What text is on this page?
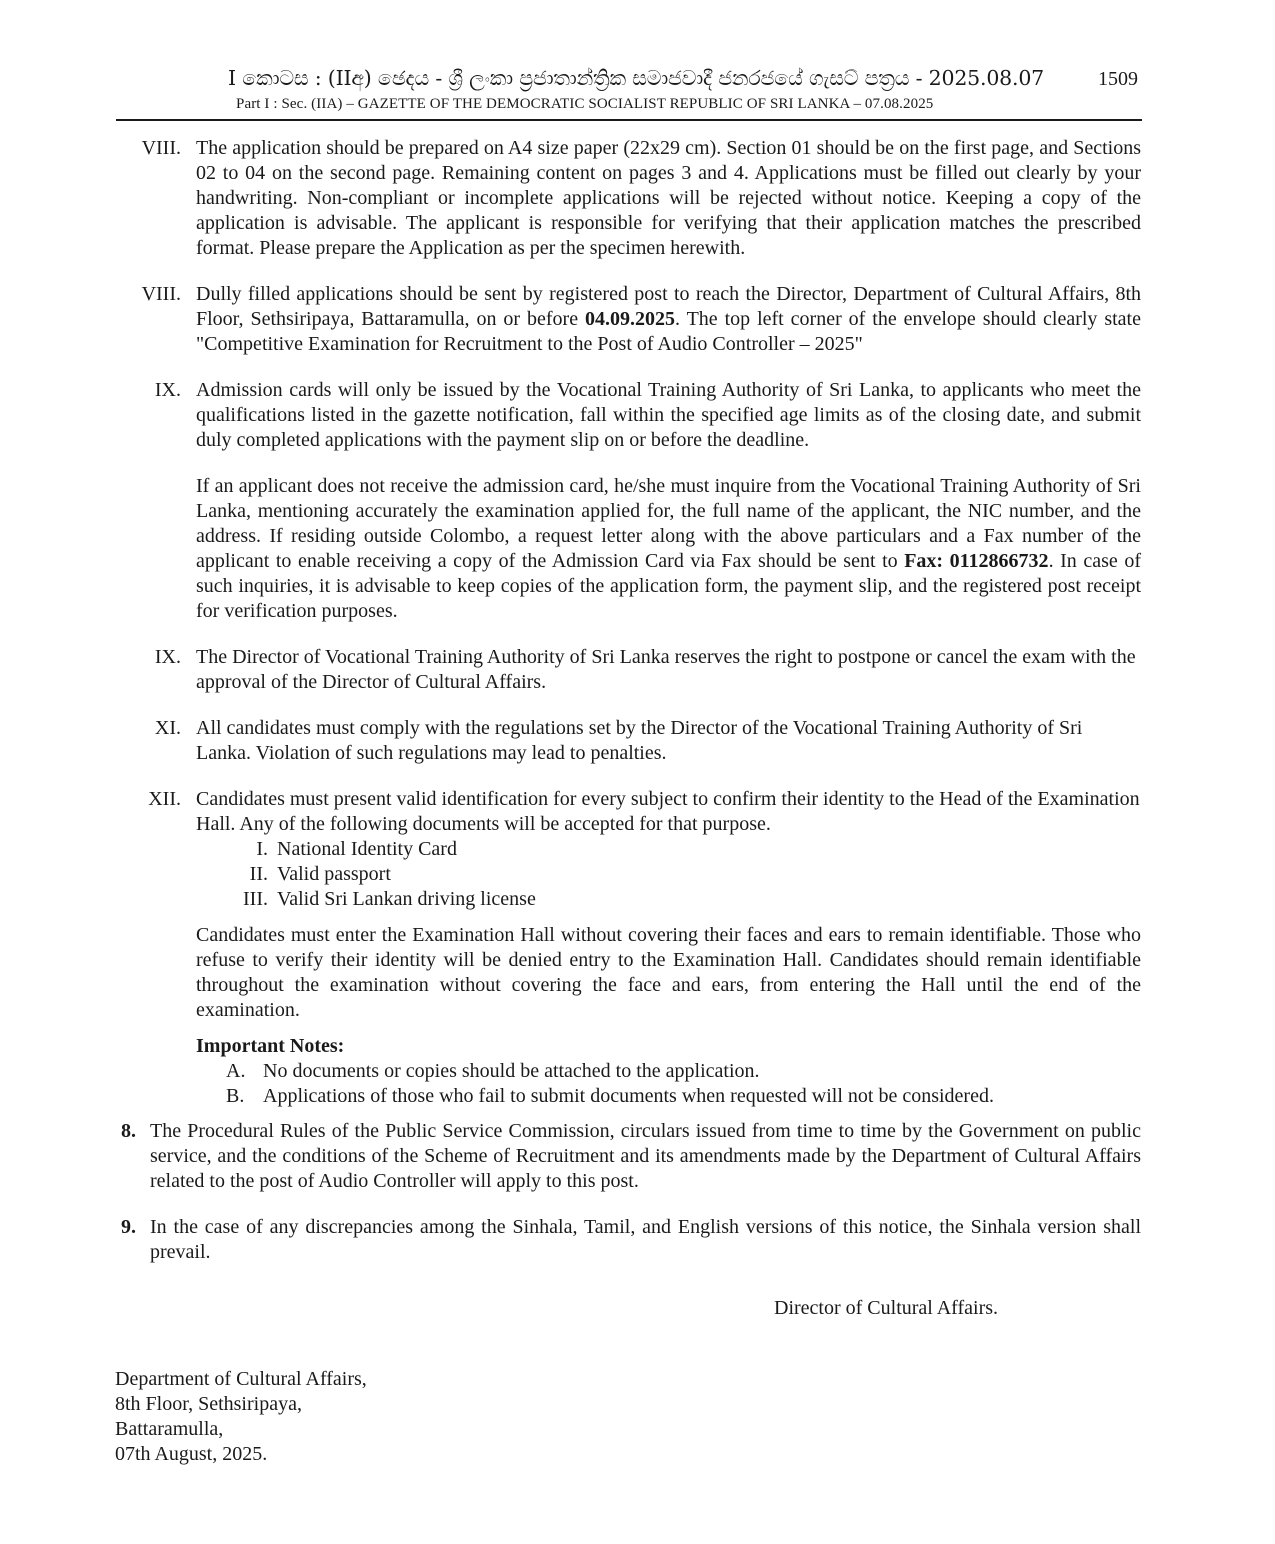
I කොටස : (IIඅ) ඡෙදය - ශ්‍රී ලංකා ප්‍රජාතාන්ත්‍රික සමාජවාදී ජනරජයේ ගැසට් පත්‍රය - 2025.08.07	1509
Part I : Sec. (IIA) – GAZETTE OF THE DEMOCRATIC SOCIALIST REPUBLIC OF SRI LANKA – 07.08.2025
VIII. The application should be prepared on A4 size paper (22x29 cm). Section 01 should be on the first page, and Sections 02 to 04 on the second page. Remaining content on pages 3 and 4. Applications must be filled out clearly by your handwriting. Non-compliant or incomplete applications will be rejected without notice. Keeping a copy of the application is advisable. The applicant is responsible for verifying that their application matches the prescribed format. Please prepare the Application as per the specimen herewith.
VIII. Dully filled applications should be sent by registered post to reach the Director, Department of Cultural Affairs, 8th Floor, Sethsiripaya, Battaramulla, on or before 04.09.2025. The top left corner of the envelope should clearly state "Competitive Examination for Recruitment to the Post of Audio Controller – 2025"
IX. Admission cards will only be issued by the Vocational Training Authority of Sri Lanka, to applicants who meet the qualifications listed in the gazette notification, fall within the specified age limits as of the closing date, and submit duly completed applications with the payment slip on or before the deadline.
If an applicant does not receive the admission card, he/she must inquire from the Vocational Training Authority of Sri Lanka, mentioning accurately the examination applied for, the full name of the applicant, the NIC number, and the address. If residing outside Colombo, a request letter along with the above particulars and a Fax number of the applicant to enable receiving a copy of the Admission Card via Fax should be sent to Fax: 0112866732. In case of such inquiries, it is advisable to keep copies of the application form, the payment slip, and the registered post receipt for verification purposes.
IX. The Director of Vocational Training Authority of Sri Lanka reserves the right to postpone or cancel the exam with the approval of the Director of Cultural Affairs.
XI. All candidates must comply with the regulations set by the Director of the Vocational Training Authority of Sri Lanka. Violation of such regulations may lead to penalties.
XII. Candidates must present valid identification for every subject to confirm their identity to the Head of the Examination Hall. Any of the following documents will be accepted for that purpose.
I. National Identity Card
II. Valid passport
III. Valid Sri Lankan driving license
Candidates must enter the Examination Hall without covering their faces and ears to remain identifiable. Those who refuse to verify their identity will be denied entry to the Examination Hall. Candidates should remain identifiable throughout the examination without covering the face and ears, from entering the Hall until the end of the examination.
Important Notes:
A. No documents or copies should be attached to the application.
B. Applications of those who fail to submit documents when requested will not be considered.
8. The Procedural Rules of the Public Service Commission, circulars issued from time to time by the Government on public service, and the conditions of the Scheme of Recruitment and its amendments made by the Department of Cultural Affairs related to the post of Audio Controller will apply to this post.
9. In the case of any discrepancies among the Sinhala, Tamil, and English versions of this notice, the Sinhala version shall prevail.
Director of Cultural Affairs.
Department of Cultural Affairs,
8th Floor, Sethsiripaya,
Battaramulla,
07th August, 2025.
